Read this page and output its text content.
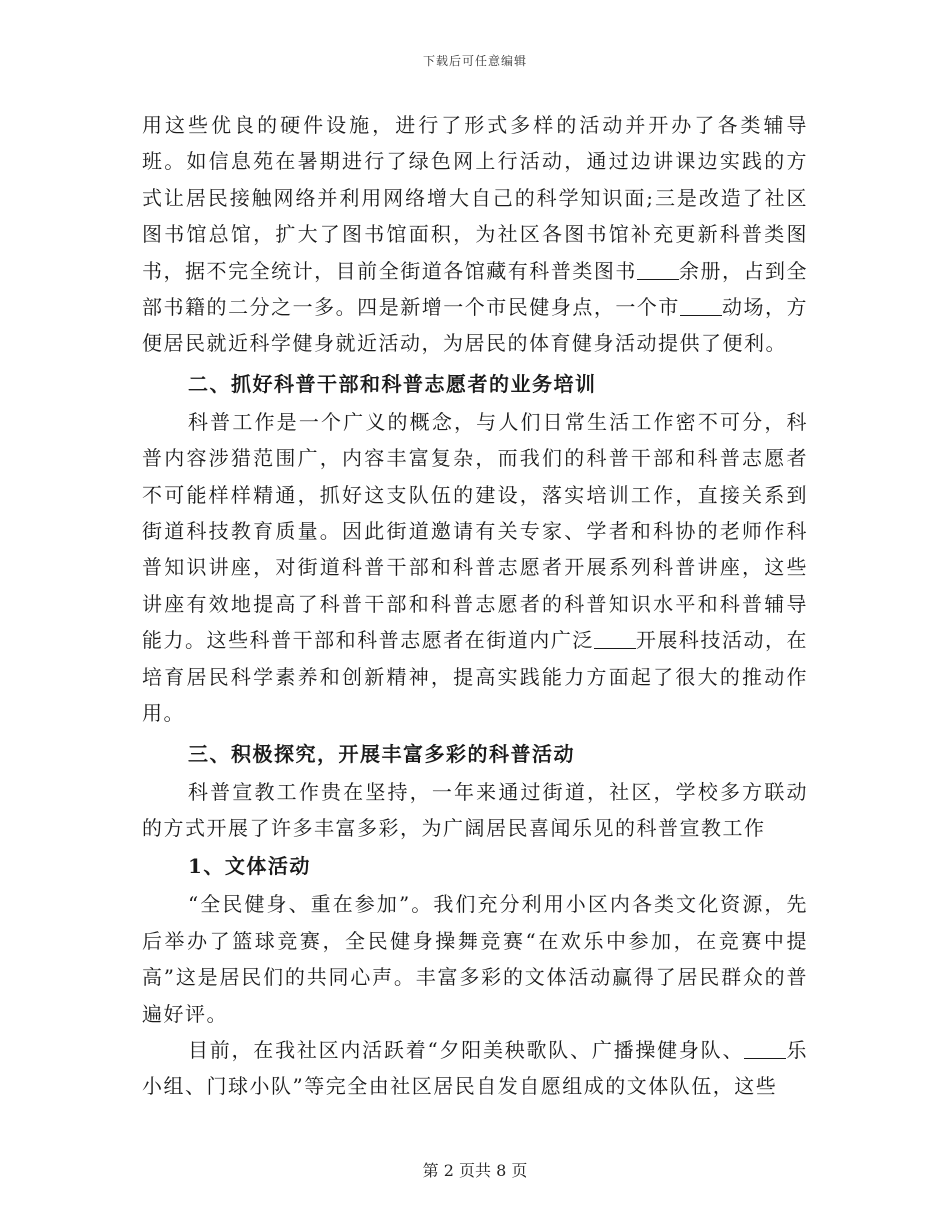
下载后可任意编辑

用这些优良的硬件设施，进行了形式多样的活动并开办了各类辅导班。如信息苑在暑期进行了绿色网上行活动，通过边讲课边实践的方式让居民接触网络并利用网络增大自己的科学知识面;三是改造了社区图书馆总馆，扩大了图书馆面积，为社区各图书馆补充更新科普类图书，据不完全统计，目前全街道各馆藏有科普类图书 余册，占到全部书籍的二分之一多。四是新增一个市民健身点，一个市 动场，方便居民就近科学健身就近活动，为居民的体育健身活动提供了便利。

二、抓好科普干部和科普志愿者的业务培训

科普工作是一个广义的概念，与人们日常生活工作密不可分，科普内容涉猎范围广，内容丰富复杂，而我们的科普干部和科普志愿者不可能样样精通，抓好这支队伍的建设，落实培训工作，直接关系到街道科技教育质量。因此街道邀请有关专家、学者和科协的老师作科普知识讲座，对街道科普干部和科普志愿者开展系列科普讲座，这些讲座有效地提高了科普干部和科普志愿者的科普知识水平和科普辅导能力。这些科普干部和科普志愿者在街道内广泛 开展科技活动，在培育居民科学素养和创新精神，提高实践能力方面起了很大的推动作用。

三、积极探究，开展丰富多彩的科普活动

科普宣教工作贵在坚持，一年来通过街道，社区，学校多方联动的方式开展了许多丰富多彩，为广阔居民喜闻乐见的科普宣教工作

1、文体活动

“全民健身、重在参加”。我们充分利用小区内各类文化资源，先后举办了篮球竞赛，全民健身操舞竞赛“在欢乐中参加，在竞赛中提高”这是居民们的共同心声。丰富多彩的文体活动赢得了居民群众的普遍好评。

目前，在我社区内活跃着“夕阳美秧歌队、广播操健身队、 乐小组、门球小队”等完全由社区居民自发自愿组成的文体队伍，这些

第 2 页共 8 页
